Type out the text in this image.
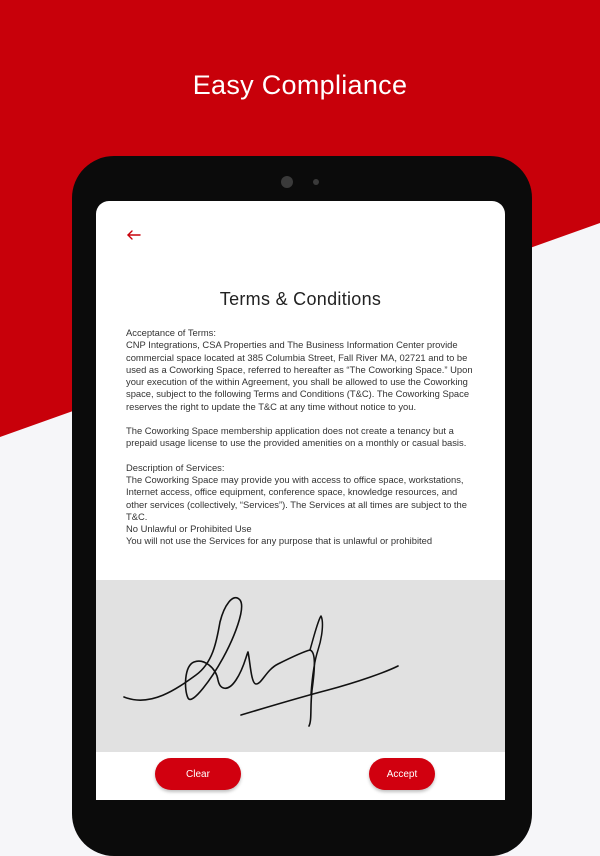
Easy Compliance
Terms & Conditions
Acceptance of Terms:

CNP Integrations, CSA Properties and The Business Information Center provide commercial space located at 385 Columbia Street, Fall River MA, 02721 and to be used as a Coworking Space, referred to hereafter as “The Coworking Space.” Upon your execution of the within Agreement, you shall be allowed to use the Coworking space, subject to the following Terms and Conditions (T&C). The Coworking Space reserves the right to update the T&C at any time without notice to you.

The Coworking Space membership application does not create a tenancy but a prepaid usage license to use the provided amenities on a monthly or casual basis.

Description of Services:
The Coworking Space may provide you with access to office space, workstations, Internet access, office equipment, conference space, knowledge resources, and other services (collectively, “Services”). The Services at all times are subject to the T&C.
No Unlawful or Prohibited Use
You will not use the Services for any purpose that is unlawful or prohibited
Clear	Accept
